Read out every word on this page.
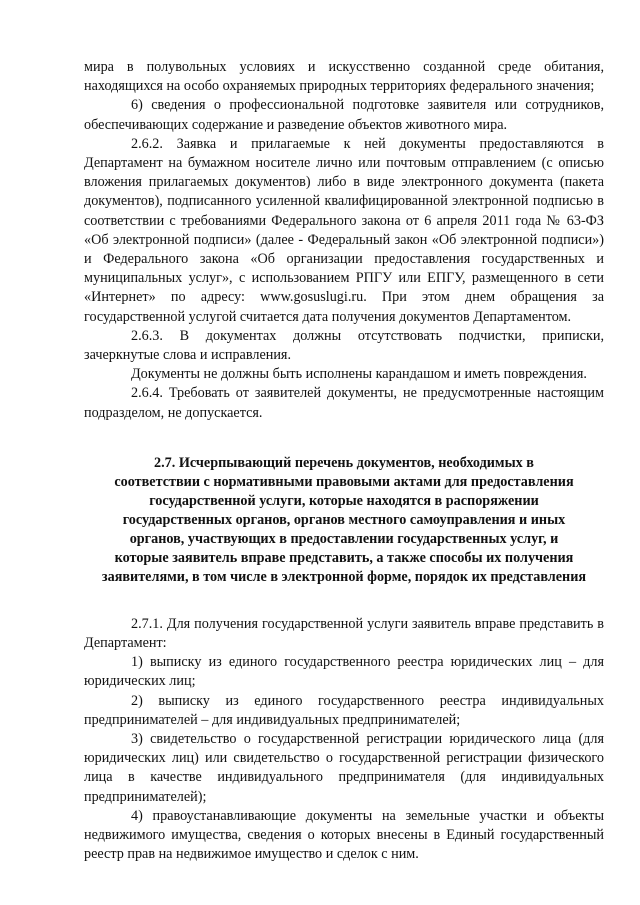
мира в полувольных условиях и искусственно созданной среде обитания, находящихся на особо охраняемых природных территориях федерального значения;

6) сведения о профессиональной подготовке заявителя или сотрудников, обеспечивающих содержание и разведение объектов животного мира.

2.6.2. Заявка и прилагаемые к ней документы предоставляются в Департамент на бумажном носителе лично или почтовым отправлением (с описью вложения прилагаемых документов) либо в виде электронного документа (пакета документов), подписанного усиленной квалифицированной электронной подписью в соответствии с требованиями Федерального закона от 6 апреля 2011 года № 63-ФЗ «Об электронной подписи» (далее - Федеральный закон «Об электронной подписи») и Федерального закона «Об организации предоставления государственных и муниципальных услуг», с использованием РПГУ или ЕПГУ, размещенного в сети «Интернет» по адресу: www.gosuslugi.ru. При этом днем обращения за государственной услугой считается дата получения документов Департаментом.

2.6.3. В документах должны отсутствовать подчистки, приписки, зачеркнутые слова и исправления.

Документы не должны быть исполнены карандашом и иметь повреждения.

2.6.4. Требовать от заявителей документы, не предусмотренные настоящим подразделом, не допускается.

2.7. Исчерпывающий перечень документов, необходимых в
соответствии с нормативными правовыми актами для предоставления
государственной услуги, которые находятся в распоряжении
государственных органов, органов местного самоуправления и иных
органов, участвующих в предоставлении государственных услуг, и
которые заявитель вправе представить, а также способы их получения
заявителями, в том числе в электронной форме, порядок их представления

2.7.1. Для получения государственной услуги заявитель вправе представить в Департамент:

1) выписку из единого государственного реестра юридических лиц – для юридических лиц;

2) выписку из единого государственного реестра индивидуальных предпринимателей – для индивидуальных предпринимателей;

3) свидетельство о государственной регистрации юридического лица (для юридических лиц) или свидетельство о государственной регистрации физического лица в качестве индивидуального предпринимателя (для индивидуальных предпринимателей);

4) правоустанавливающие документы на земельные участки и объекты недвижимого имущества, сведения о которых внесены в Единый государственный реестр прав на недвижимое имущество и сделок с ним.
